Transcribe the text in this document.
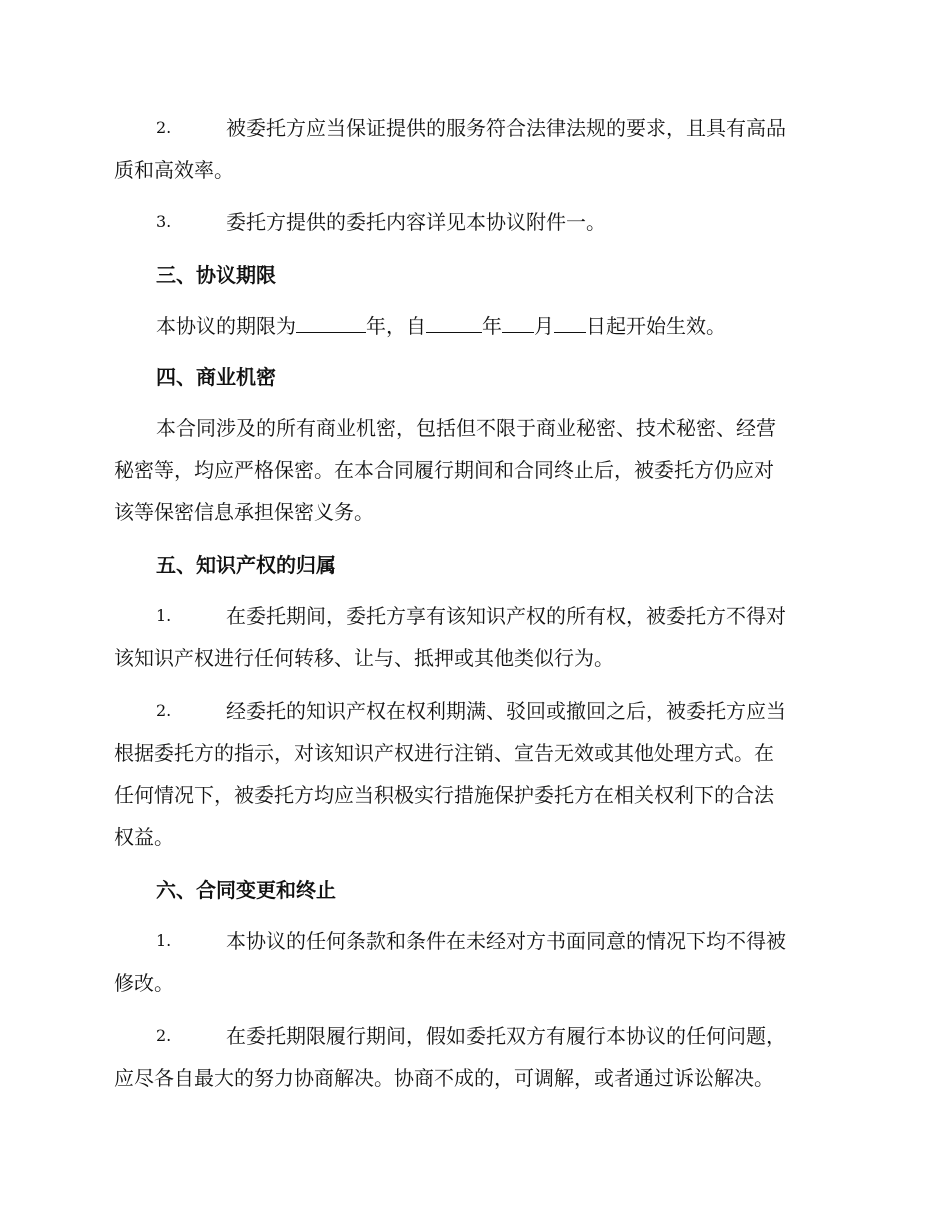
2.	被委托方应当保证提供的服务符合法律法规的要求，且具有高品
质和高效率。
3.	委托方提供的委托内容详见本协议附件一。
三、协议期限
本协议的期限为	年，自	年 月 日起开始生效。
四、商业机密
本合同涉及的所有商业机密，包括但不限于商业秘密、技术秘密、经营
秘密等，均应严格保密。在本合同履行期间和合同终止后，被委托方仍应对
该等保密信息承担保密义务。
五、知识产权的归属
1.	在委托期间，委托方享有该知识产权的所有权，被委托方不得对
该知识产权进行任何转移、让与、抵押或其他类似行为。
2.	经委托的知识产权在权利期满、驳回或撤回之后，被委托方应当
根据委托方的指示，对该知识产权进行注销、宣告无效或其他处理方式。在
任何情况下，被委托方均应当积极实行措施保护委托方在相关权利下的合法
权益。
六、合同变更和终止
1.	本协议的任何条款和条件在未经对方书面同意的情况下均不得被
修改。
2.	在委托期限履行期间，假如委托双方有履行本协议的任何问题，
应尽各自最大的努力协商解决。协商不成的，可调解，或者通过诉讼解决。
